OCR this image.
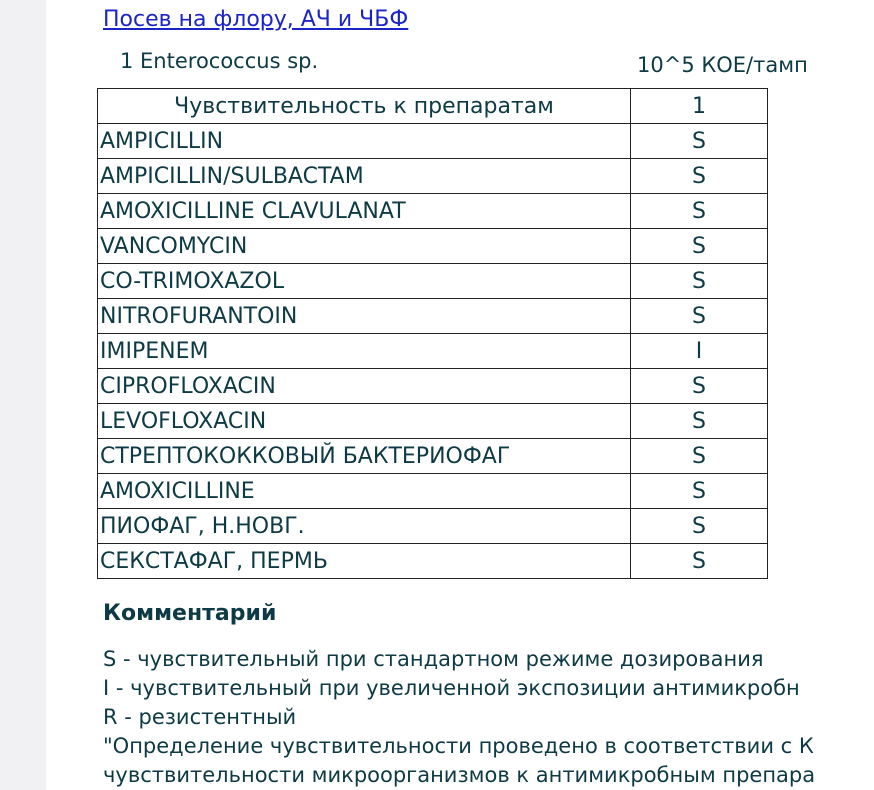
Посев на флору, АЧ и ЧБФ
1 Enterococcus sp.	10^5 КОЕ/тамп
Чувствительность к препаратам	1
AMPICILLIN	S
AMPICILLIN/SULBACTAM	S
AMOXICILLINE CLAVULANAT	S
VANCOMYCIN	S
CO-TRIMOXAZOL	S
NITROFURANTOIN	S
IMIPENEM	I
CIPROFLOXACIN	S
LEVOFLOXACIN	S
СТРЕПТОКОККОВЫЙ БАКТЕРИОФАГ	S
AMOXICILLINE	S
ПИОФАГ, Н.НОВГ.	S
СЕКСТАФАГ, ПЕРМЬ	S
Комментарий
S - чувствительный при стандартном режиме дозирования
I - чувствительный при увеличенной экспозиции антимикробн
R - резистентный
"Определение чувствительности проведено в соответствии с К
чувствительности микроорганизмов к антимикробным препара
